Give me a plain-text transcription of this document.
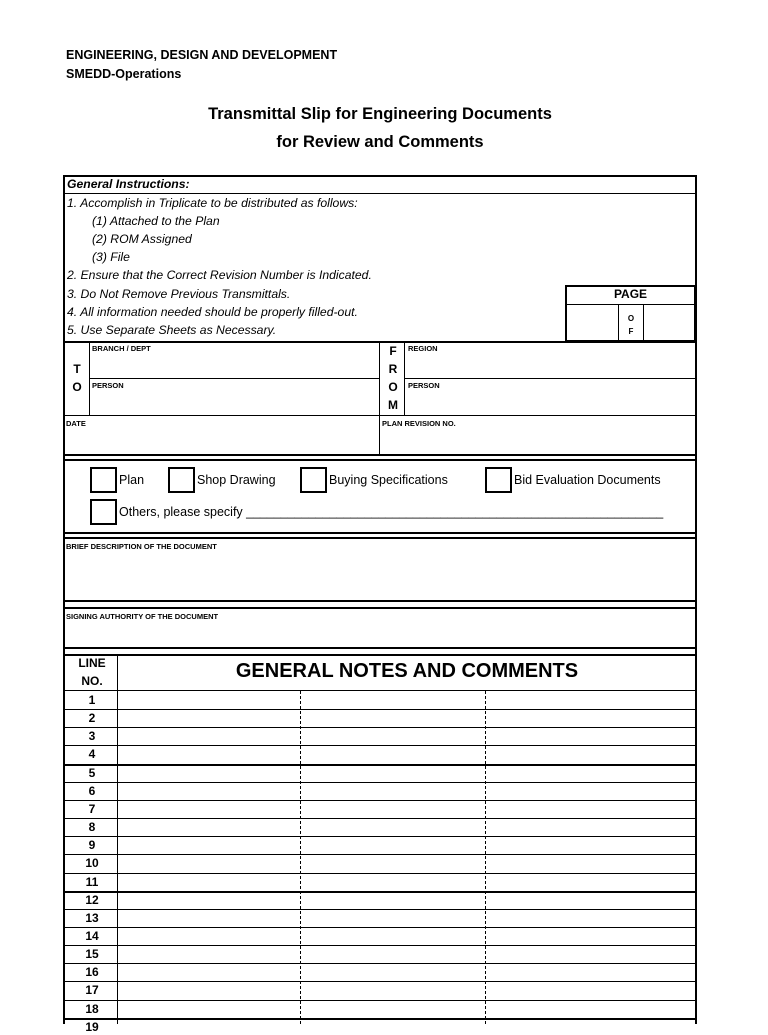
ENGINEERING, DESIGN AND DEVELOPMENT
SMEDD-Operations
Transmittal Slip for Engineering Documents
for Review and Comments
General Instructions:
1. Accomplish in Triplicate to be distributed as follows:
(1) Attached to the Plan
(2) ROM Assigned
(3) File
2. Ensure that the Correct Revision Number is Indicated.
3. Do Not Remove Previous Transmittals.
4. All information needed should be properly filled-out.
5. Use Separate Sheets as Necessary.
PAGE
O
F
T
O
F
R
O
M
BRANCH / DEPT	REGION
PERSON	PERSON
DATE	PLAN REVISION NO.
Plan	Shop Drawing	Buying Specifications	Bid Evaluation Documents
Others, please specify ____________________________________________________________
BRIEF DESCRIPTION OF THE DOCUMENT
SIGNING AUTHORITY OF THE DOCUMENT
LINE
NO.	GENERAL NOTES AND COMMENTS
1
2
3
4
5
6
7
8
9
10
11
12
13
14
15
16
17
18
19
